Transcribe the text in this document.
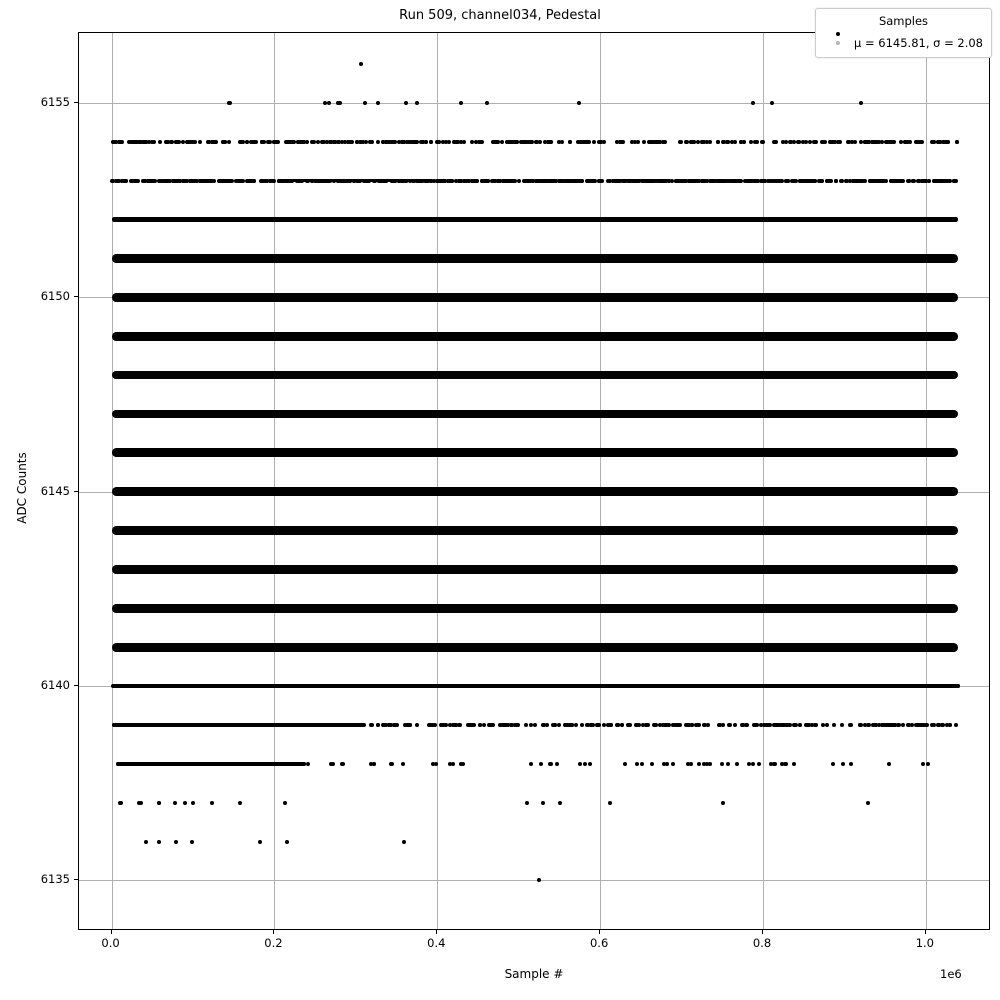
Run 509, channel034, Pedestal
0.0	0.2	0.4	0.6	0.8	1.0
6135
6140
6145
6150
6155
Sample #	1e6
ADC Counts
Samples
μ = 6145.81, σ = 2.08
